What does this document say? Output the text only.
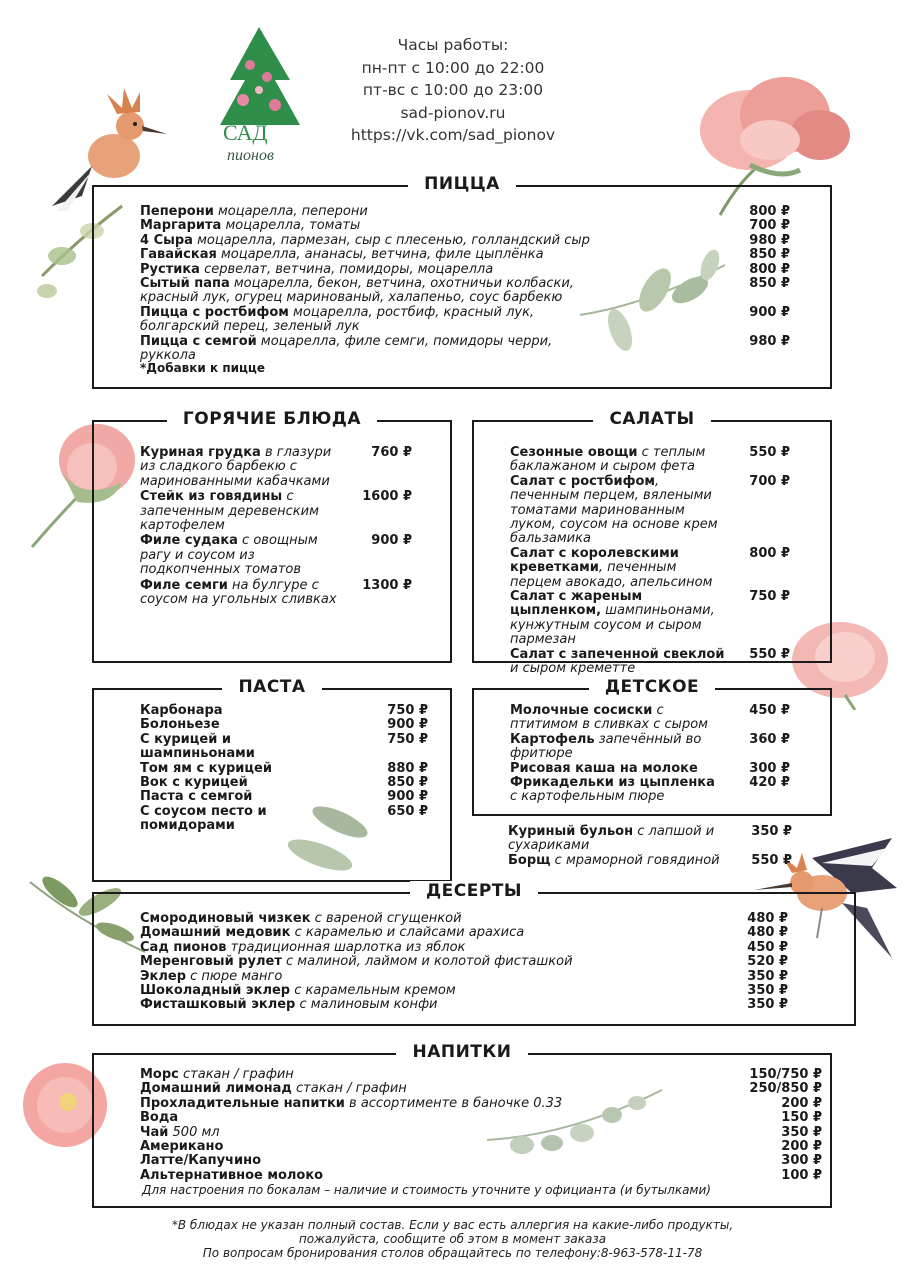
САД
пионов
Часы работы:
пн-пт с 10:00 до 22:00
пт-вс с 10:00 до 23:00
sad-pionov.ru
https://vk.com/sad_pionov
ПИЦЦА
Пеперони моцарелла, пеперони	800 ₽
Маргарита моцарелла, томаты	700 ₽
4 Сыра моцарелла, пармезан, сыр с плесенью, голландский сыр	980 ₽
Гавайская моцарелла, ананасы, ветчина, филе цыплёнка	850 ₽
Рустика сервелат, ветчина, помидоры, моцарелла	800 ₽
Сытый папа моцарелла, бекон, ветчина, охотничьи колбаски, красный лук, огурец маринованый, халапеньо, соус барбекю
850 ₽
Пицца с ростбифом моцарелла, ростбиф, красный лук, болгарский перец, зеленый лук
900 ₽
Пицца с семгой моцарелла, филе семги, помидоры черри, руккола
980 ₽
*Добавки к пицце
ГОРЯЧИЕ БЛЮДА
Куриная грудка в глазури из сладкого барбекю с маринованными кабачками
760 ₽
Стейк из говядины с запеченным деревенским картофелем
1600 ₽
Филе судака с овощным рагу и соусом из подкопченных томатов
900 ₽
Филе семги на булгуре с соусом на угольных сливках
1300 ₽
САЛАТЫ
Сезонные овощи с теплым баклажаном и сыром фета
550 ₽
Салат с ростбифом, печенным перцем, вялеными томатами маринованным луком, соусом на основе крем бальзамика
700 ₽
Салат с королевскими креветками, печенным перцем авокадо, апельсином
800 ₽
Салат с жареным цыпленком, шампиньонами, кунжутным соусом и сыром пармезан
750 ₽
Салат с запеченной свеклой и сыром креметте
550 ₽
ПАСТА
Карбонара	750 ₽
Болоньезе	900 ₽
С курицей и шампиньонами
750 ₽
Том ям с курицей	880 ₽
Вок с курицей	850 ₽
Паста с семгой	900 ₽
С соусом песто и помидорами
650 ₽
ДЕТСКОЕ
Молочные сосиски с птитимом в сливках с сыром
450 ₽
Картофель запечённый во фритюре
360 ₽
Рисовая каша на молоке	300 ₽
Фрикадельки из цыпленка с картофельным пюре
420 ₽
Куриный бульон с лапшой и сухариками
350 ₽
Борщ с мраморной говядиной	550 ₽
ДЕСЕРТЫ
Смородиновый чизкек с вареной сгущенкой	480 ₽
Домашний медовик с карамелью и слайсами арахиса	480 ₽
Сад пионов традиционная шарлотка из яблок	450 ₽
Меренговый рулет с малиной, лаймом и колотой фисташкой	520 ₽
Эклер с пюре манго	350 ₽
Шоколадный эклер с карамельным кремом	350 ₽
Фисташковый эклер с малиновым конфи	350 ₽
НАПИТКИ
Морс стакан / графин	150/750 ₽
Домашний лимонад стакан / графин	250/850 ₽
Прохладительные напитки в ассортименте в баночке 0.33	200 ₽
Вода	150 ₽
Чай 500 мл	350 ₽
Американо	200 ₽
Латте/Капучино	300 ₽
Альтернативное молоко	100 ₽
Для настроения по бокалам – наличие и стоимость уточните у официанта (и бутылками)
*В блюдах не указан полный состав. Если у вас есть аллергия на какие-либо продукты,
пожалуйста, сообщите об этом в момент заказа
По вопросам бронирования столов обращайтесь по телефону:8-963-578-11-78
